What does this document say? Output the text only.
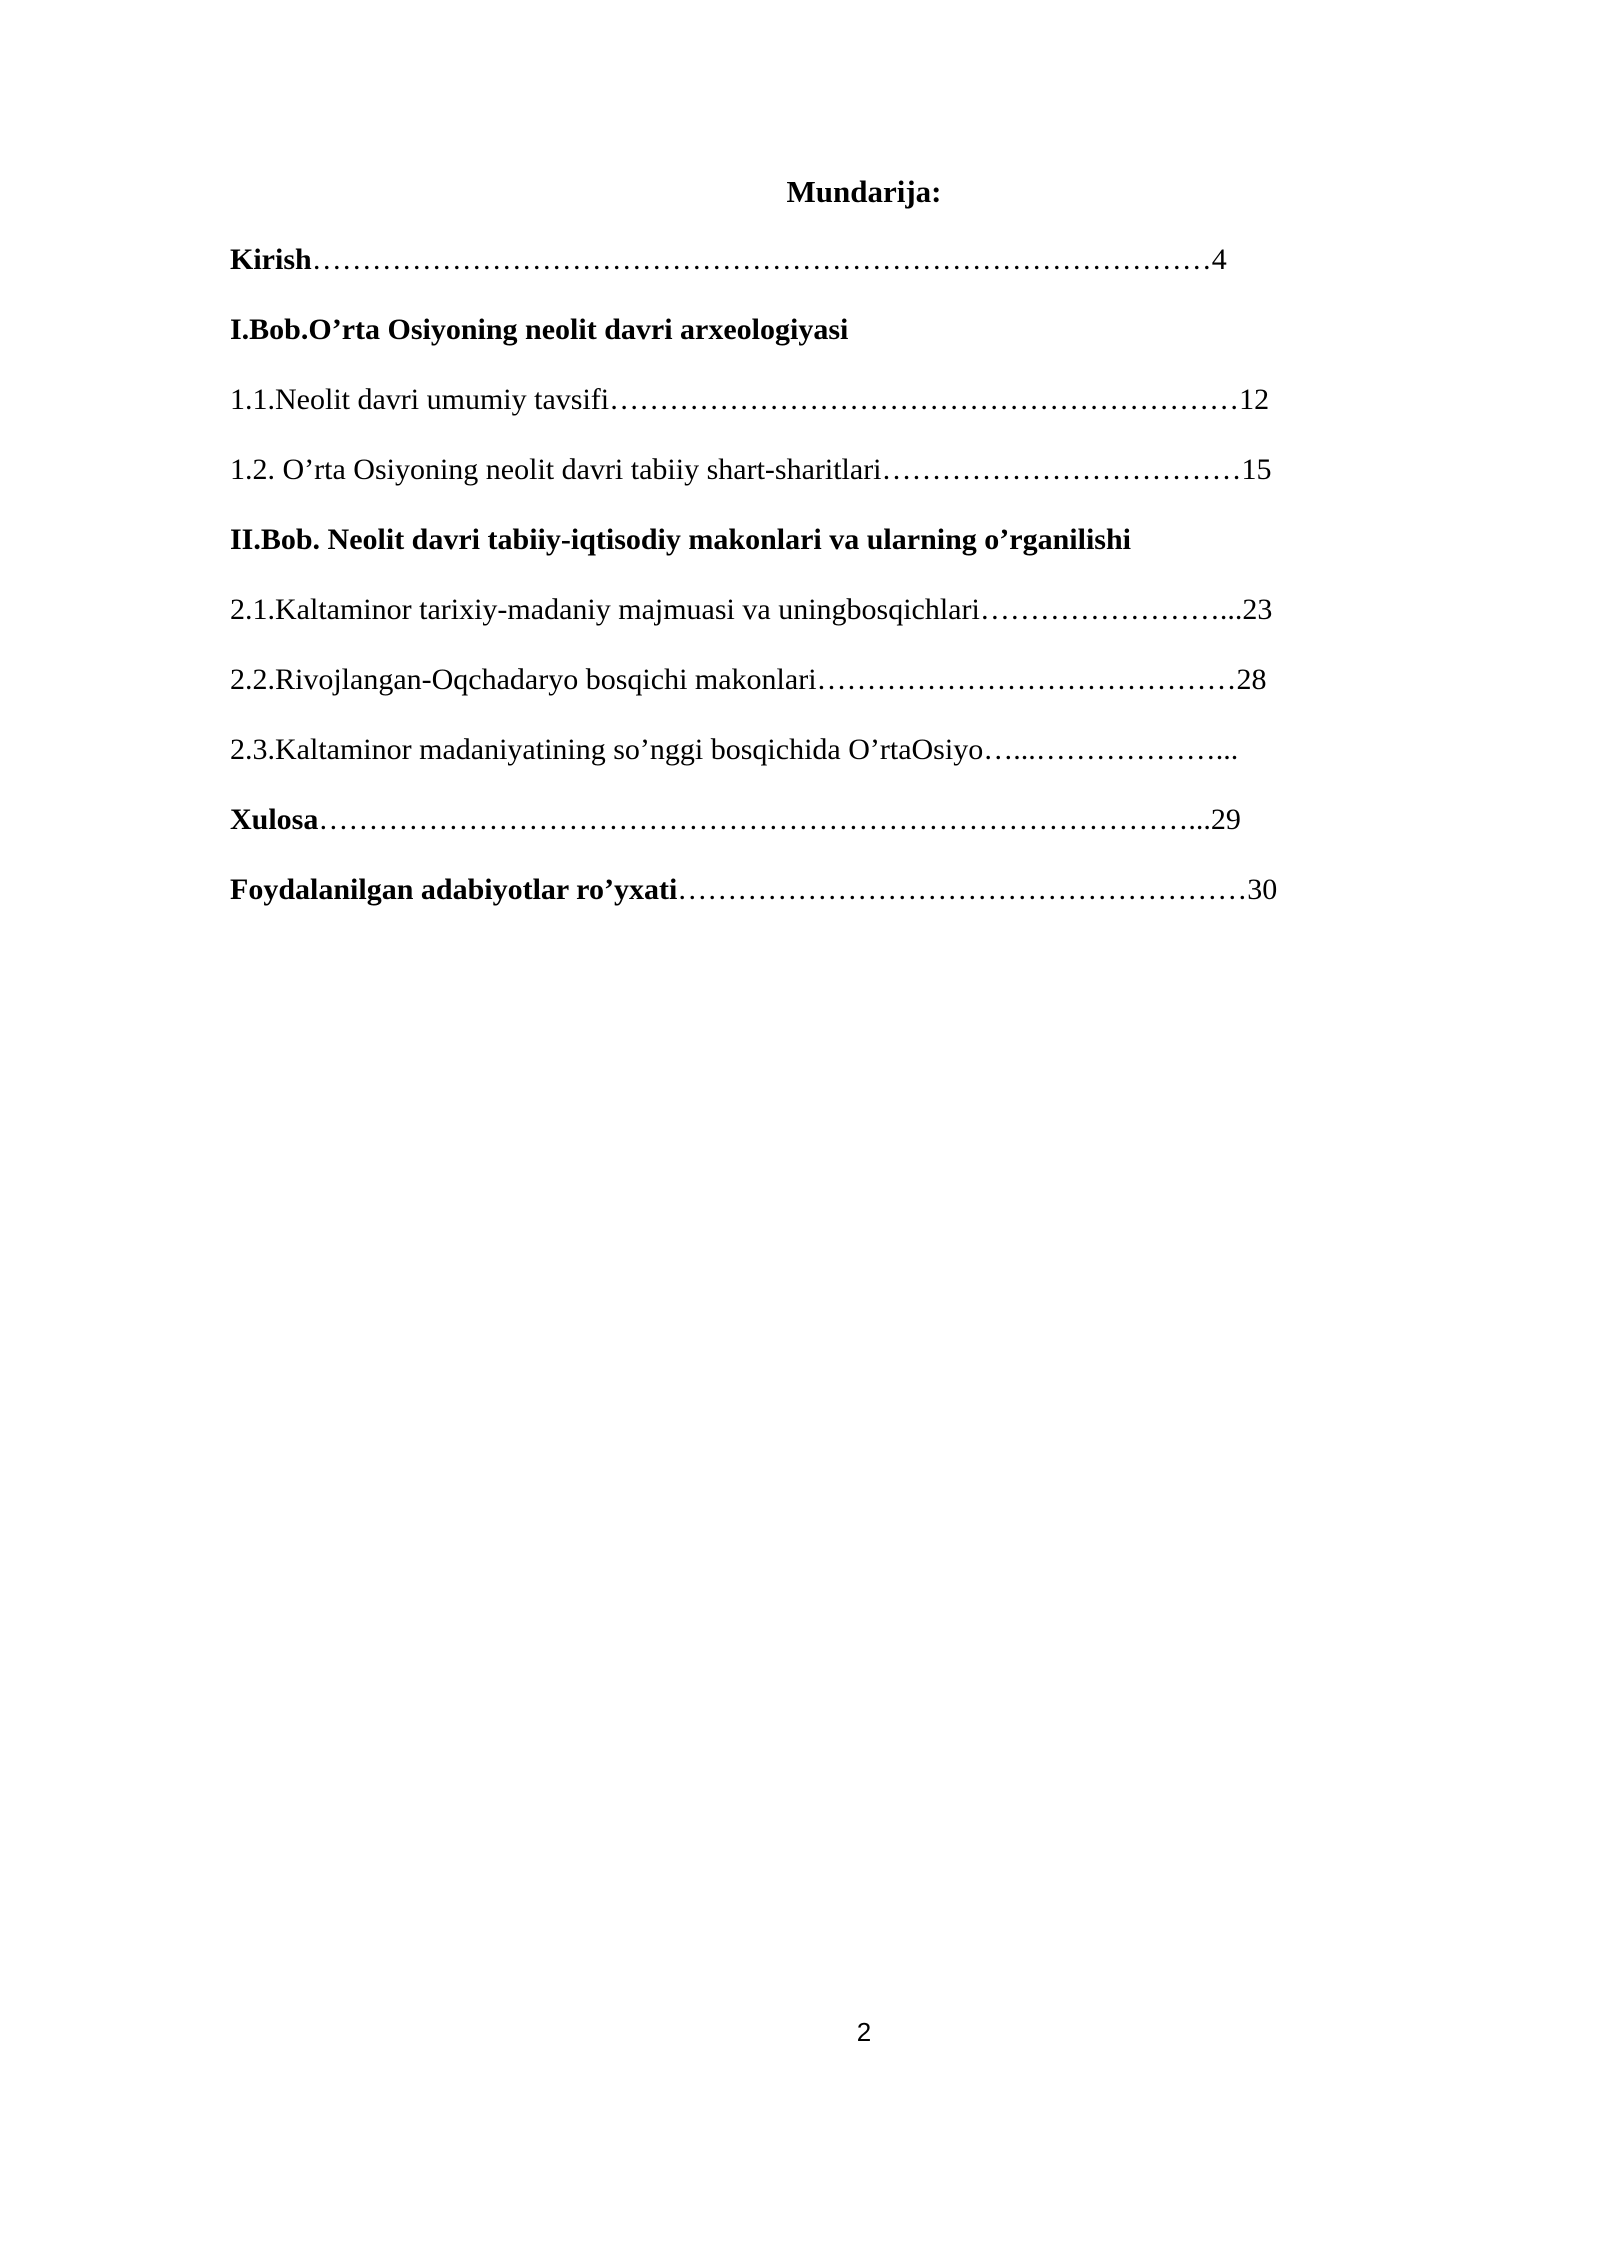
Mundarija:
Kirish………………………………………………………………………………4
I.Bob.O’rta Osiyoning neolit davri arxeologiyasi
1.1.Neolit davri umumiy tavsifi………………………………………………………12
1.2. O’rta Osiyoning neolit davri tabiiy shart-sharitlari………………………………15
II.Bob. Neolit davri tabiiy-iqtisodiy makonlari va ularning o’rganilishi
2.1.Kaltaminor tarixiy-madaniy majmuasi va uningbosqichlari……………………...23
2.2.Rivojlangan-Oqchadaryo bosqichi makonlari……………………………………28
2.3.Kaltaminor madaniyatining so’nggi bosqichida O’rtaOsiyo…...………………...
Xulosa……………………………………………………………………………...29
Foydalanilgan adabiyotlar ro’yxati…………………………………………………30
2
